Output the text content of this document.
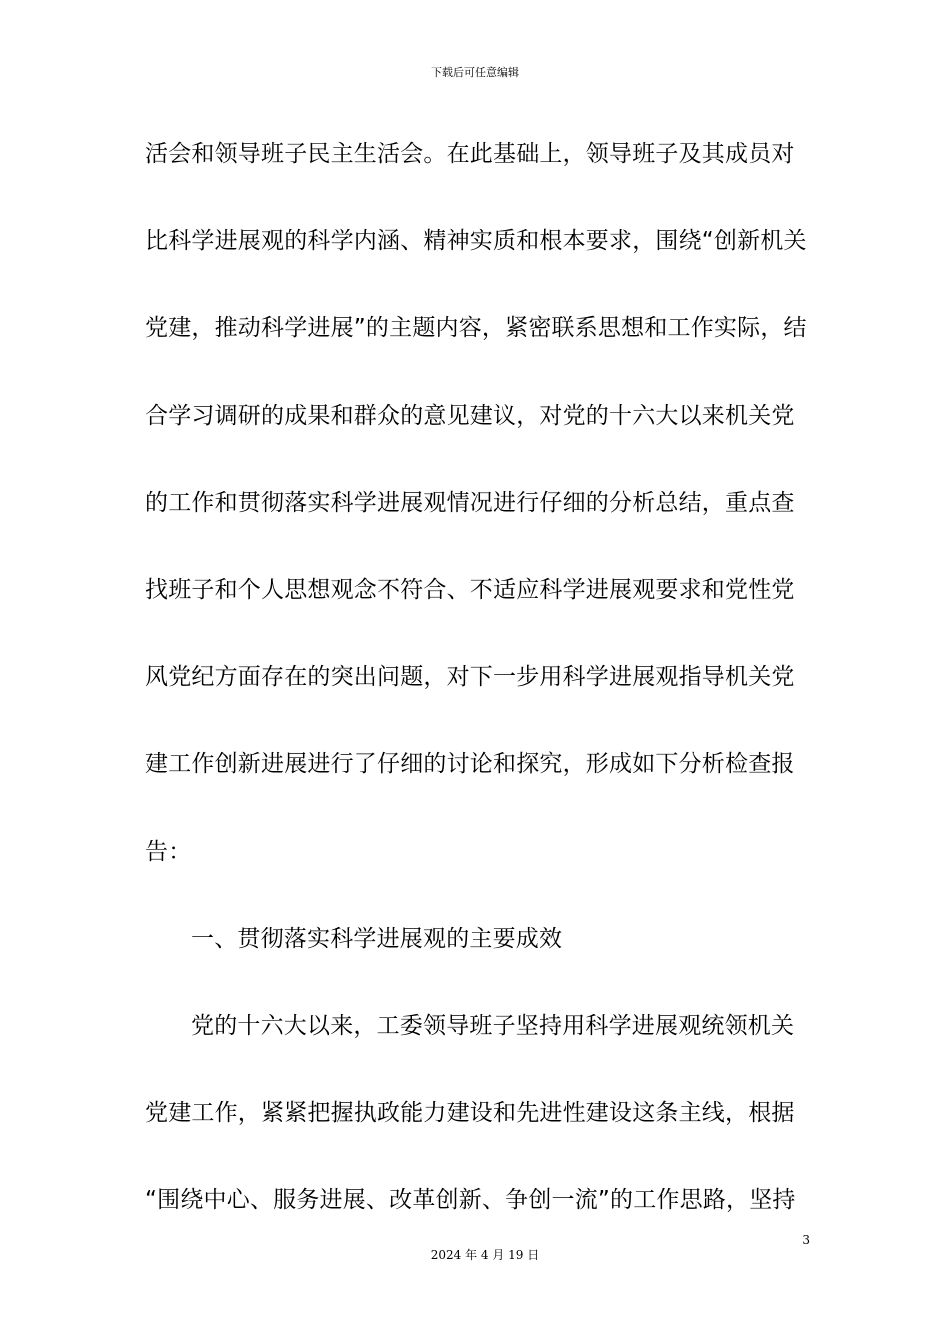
下载后可任意编辑
活会和领导班子民主生活会。在此基础上，领导班子及其成员对
比科学进展观的科学内涵、精神实质和根本要求，围绕“创新机关
党建，推动科学进展”的主题内容，紧密联系思想和工作实际，结
合学习调研的成果和群众的意见建议，对党的十六大以来机关党
的工作和贯彻落实科学进展观情况进行仔细的分析总结，重点查
找班子和个人思想观念不符合、不适应科学进展观要求和党性党
风党纪方面存在的突出问题，对下一步用科学进展观指导机关党
建工作创新进展进行了仔细的讨论和探究，形成如下分析检查报
告：
一、贯彻落实科学进展观的主要成效
党的十六大以来，工委领导班子坚持用科学进展观统领机关
党建工作，紧紧把握执政能力建设和先进性建设这条主线，根据
“围绕中心、服务进展、改革创新、争创一流”的工作思路，坚持
3
2024 年 4 月 19 日
